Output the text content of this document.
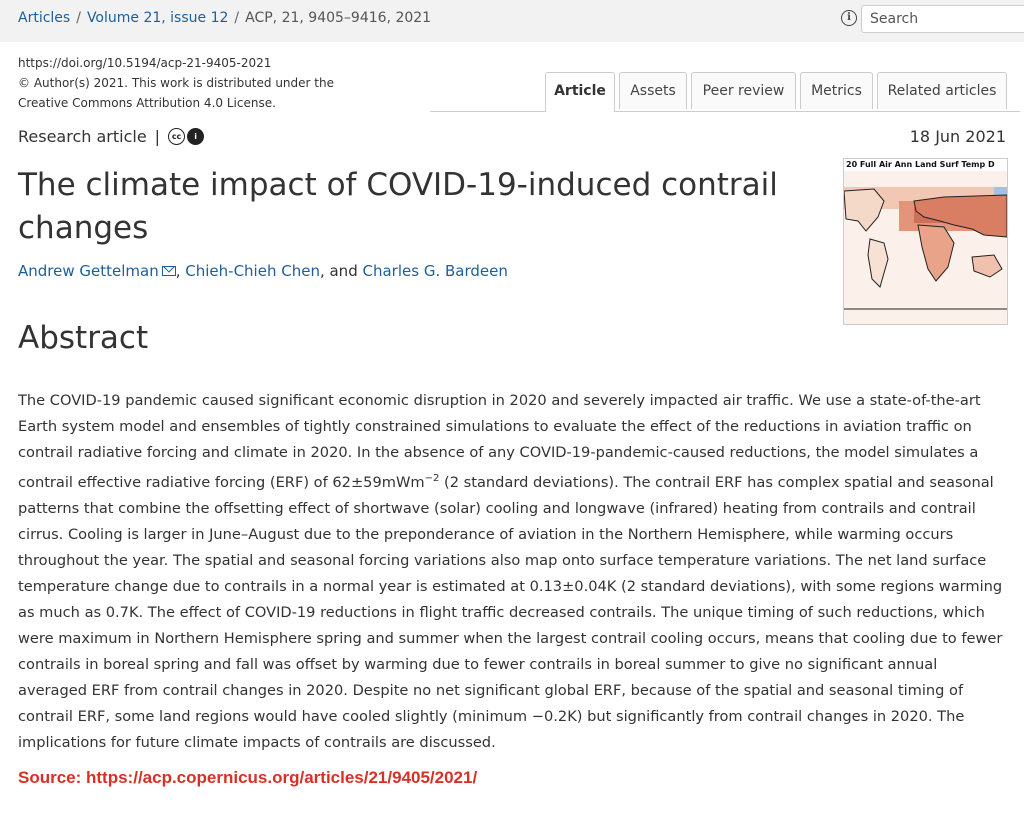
Articles / Volume 21, issue 12 / ACP, 21, 9405–9416, 2021	i
Search
https://doi.org/10.5194/acp-21-9405-2021
© Author(s) 2021. This work is distributed under the Creative Commons Attribution 4.0 License.
Article	Assets	Peer review	Metrics	Related articles
Research article |	cc	i	18 Jun 2021
The climate impact of COVID-19-induced contrail changes
Andrew Gettelman , Chieh-Chieh Chen, and Charles G. Bardeen
20 Full Air Ann Land Surf Temp D
Abstract

The COVID-19 pandemic caused significant economic disruption in 2020 and severely impacted air traffic. We use a state-of-the-art Earth system model and ensembles of tightly constrained simulations to evaluate the effect of the reductions in aviation traffic on contrail radiative forcing and climate in 2020. In the absence of any COVID-19-pandemic-caused reductions, the model simulates a contrail effective radiative forcing (ERF) of 62±59mWm$^{-2}$ (2 standard deviations). The contrail ERF has complex spatial and seasonal patterns that combine the offsetting effect of shortwave (solar) cooling and longwave (infrared) heating from contrails and contrail cirrus. Cooling is larger in June–August due to the preponderance of aviation in the Northern Hemisphere, while warming occurs throughout the year. The spatial and seasonal forcing variations also map onto surface temperature variations. The net land surface temperature change due to contrails in a normal year is estimated at 0.13±0.04K (2 standard deviations), with some regions warming as much as 0.7K. The effect of COVID-19 reductions in flight traffic decreased contrails. The unique timing of such reductions, which were maximum in Northern Hemisphere spring and summer when the largest contrail cooling occurs, means that cooling due to fewer contrails in boreal spring and fall was offset by warming due to fewer contrails in boreal summer to give no significant annual averaged ERF from contrail changes in 2020. Despite no net significant global ERF, because of the spatial and seasonal timing of contrail ERF, some land regions would have cooled slightly (minimum −0.2K) but significantly from contrail changes in 2020. The implications for future climate impacts of contrails are discussed.

Source: https://acp.copernicus.org/articles/21/9405/2021/
